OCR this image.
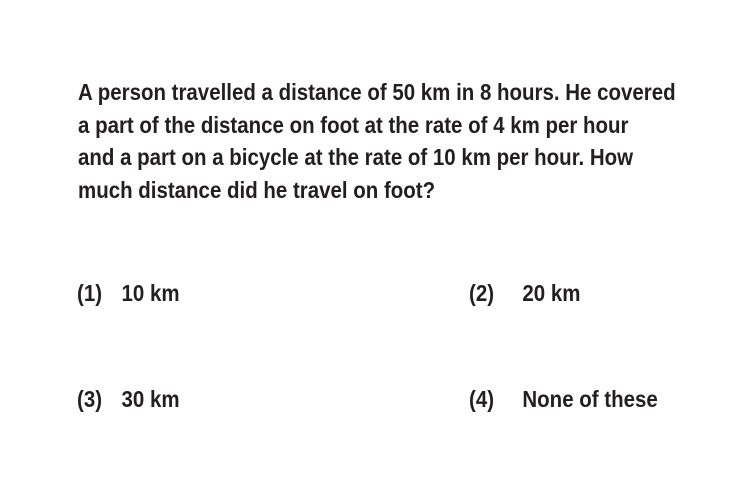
A person travelled a distance of 50 km in 8 hours. He covered
a part of the distance on foot at the rate of 4 km per hour
and a part on a bicycle at the rate of 10 km per hour. How
much distance did he travel on foot?
(1) 10 km	(2) 20 km
(3) 30 km	(4) None of these
